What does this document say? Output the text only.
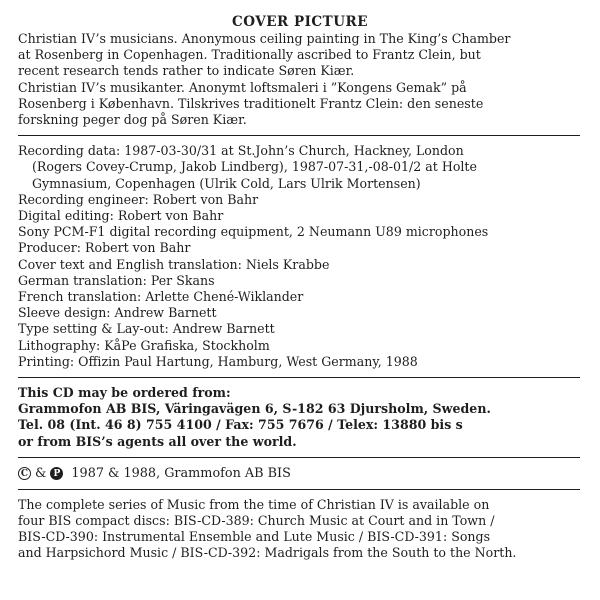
COVER PICTURE
Christian IV’s musicians. Anonymous ceiling painting in The King’s Chamber
at Rosenberg in Copenhagen. Traditionally ascribed to Frantz Clein, but
recent research tends rather to indicate Søren Kiær.
Christian IV’s musikanter. Anonymt loftsmaleri i ”Kongens Gemak” på
Rosenberg i København. Tilskrives traditionelt Frantz Clein: den seneste
forskning peger dog på Søren Kiær.
Recording data: 1987-03-30/31 at St.John’s Church, Hackney, London
(Rogers Covey-Crump, Jakob Lindberg), 1987-07-31,-08-01/2 at Holte
Gymnasium, Copenhagen (Ulrik Cold, Lars Ulrik Mortensen)
Recording engineer: Robert von Bahr
Digital editing: Robert von Bahr
Sony PCM-F1 digital recording equipment, 2 Neumann U89 microphones
Producer: Robert von Bahr
Cover text and English translation: Niels Krabbe
German translation: Per Skans
French translation: Arlette Chené-Wiklander
Sleeve design: Andrew Barnett
Type setting & Lay-out: Andrew Barnett
Lithography: KåPe Grafiska, Stockholm
Printing: Offizin Paul Hartung, Hamburg, West Germany, 1988
This CD may be ordered from:
Grammofon AB BIS, Väringavägen 6, S-182 63 Djursholm, Sweden.
Tel. 08 (Int. 46 8) 755 4100 / Fax: 755 7676 / Telex: 13880 bis s
or from BIS’s agents all over the world.
C & P 1987 & 1988, Grammofon AB BIS
The complete series of Music from the time of Christian IV is available on
four BIS compact discs: BIS-CD-389: Church Music at Court and in Town /
BIS-CD-390: Instrumental Ensemble and Lute Music / BIS-CD-391: Songs
and Harpsichord Music / BIS-CD-392: Madrigals from the South to the North.
